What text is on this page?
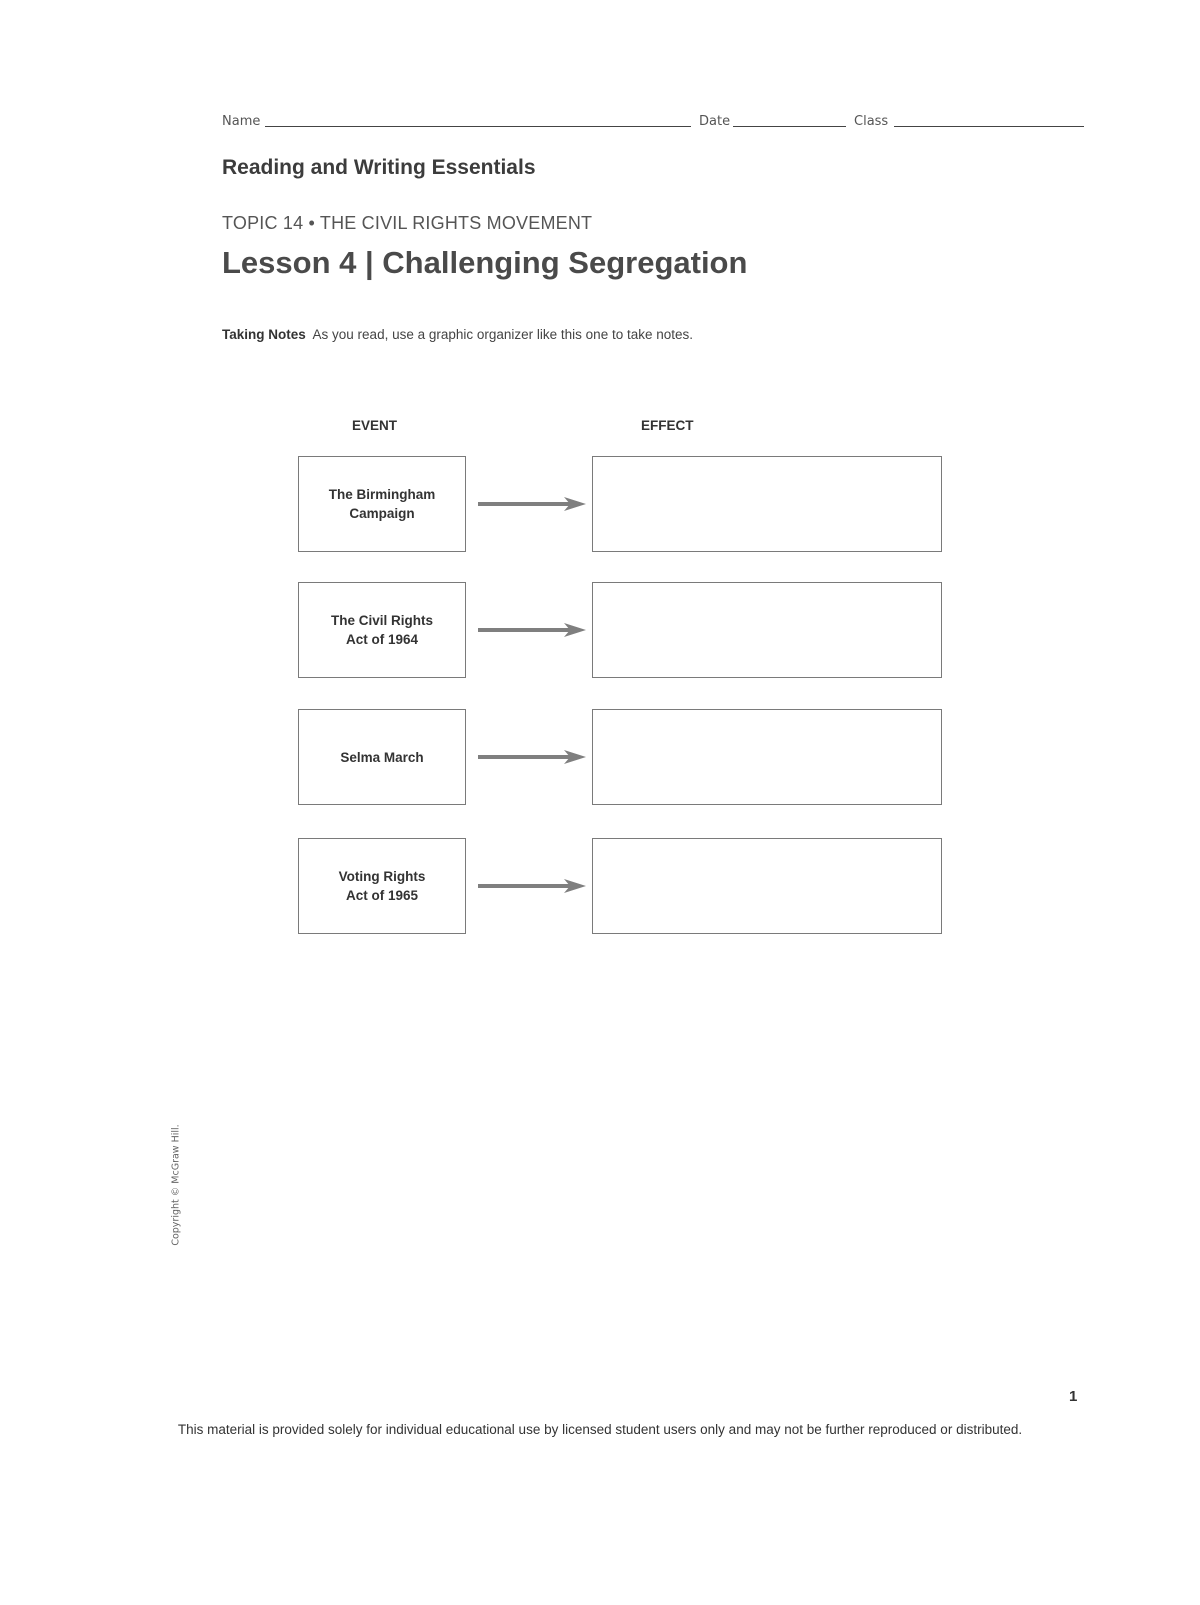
Name	Date	Class
Reading and Writing Essentials
TOPIC 14 • THE CIVIL RIGHTS MOVEMENT
Lesson 4 | Challenging Segregation
Taking Notes As you read, use a graphic organizer like this one to take notes.
EVENT	EFFECT
The Birmingham
Campaign
The Civil Rights
Act of 1964
Selma March
Voting Rights
Act of 1965
Copyright © McGraw Hill.
1
This material is provided solely for individual educational use by licensed student users only and may not be further reproduced or distributed.
